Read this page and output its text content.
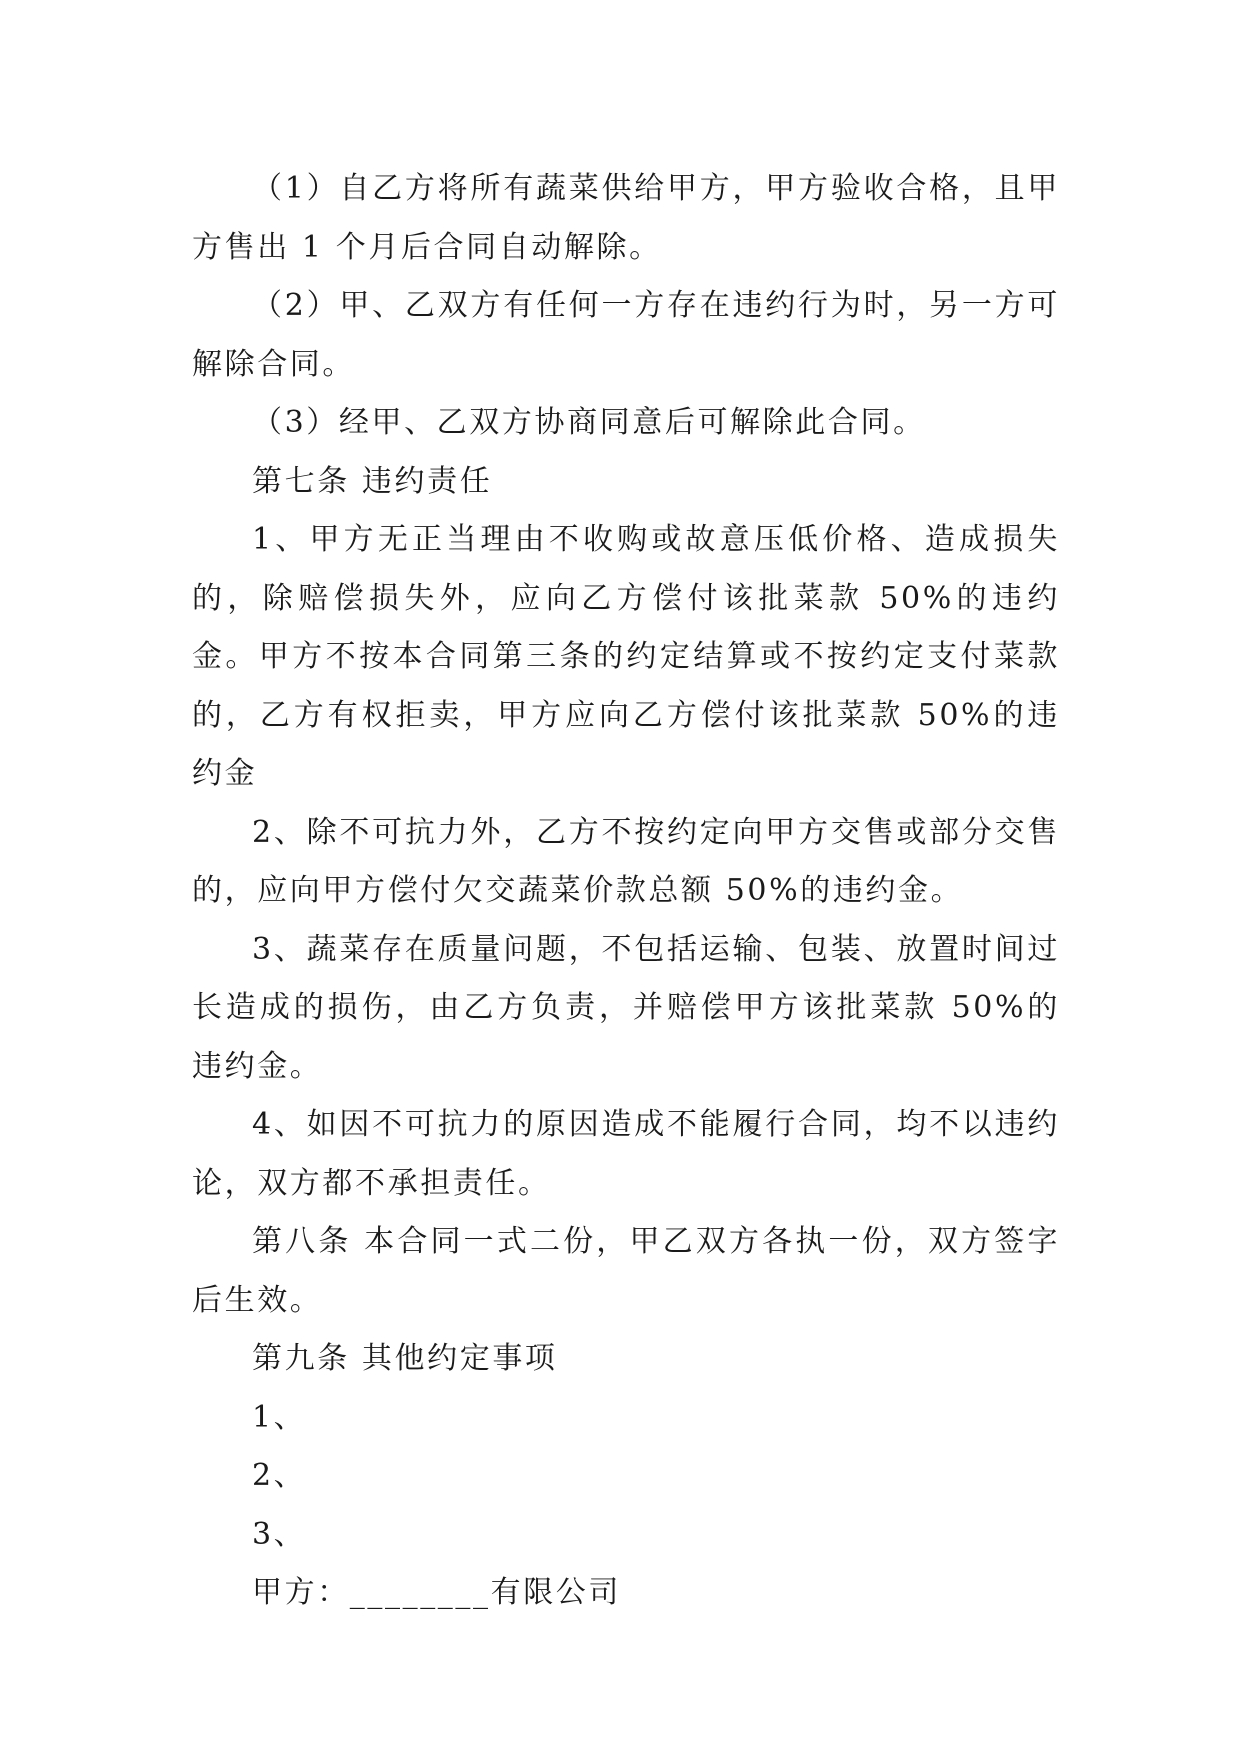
（1）自乙方将所有蔬菜供给甲方，甲方验收合格，且甲方售出 1 个月后合同自动解除。

（2）甲、乙双方有任何一方存在违约行为时，另一方可解除合同。

（3）经甲、乙双方协商同意后可解除此合同。

第七条 违约责任

1、甲方无正当理由不收购或故意压低价格、造成损失的，除赔偿损失外，应向乙方偿付该批菜款 50%的违约金。甲方不按本合同第三条的约定结算或不按约定支付菜款的，乙方有权拒卖，甲方应向乙方偿付该批菜款 50%的违约金

2、除不可抗力外，乙方不按约定向甲方交售或部分交售的，应向甲方偿付欠交蔬菜价款总额 50%的违约金。

3、蔬菜存在质量问题，不包括运输、包装、放置时间过长造成的损伤，由乙方负责，并赔偿甲方该批菜款 50%的违约金。

4、如因不可抗力的原因造成不能履行合同，均不以违约论，双方都不承担责任。

第八条 本合同一式二份，甲乙双方各执一份，双方签字后生效。

第九条 其他约定事项

1、

2、

3、

甲方：________有限公司
